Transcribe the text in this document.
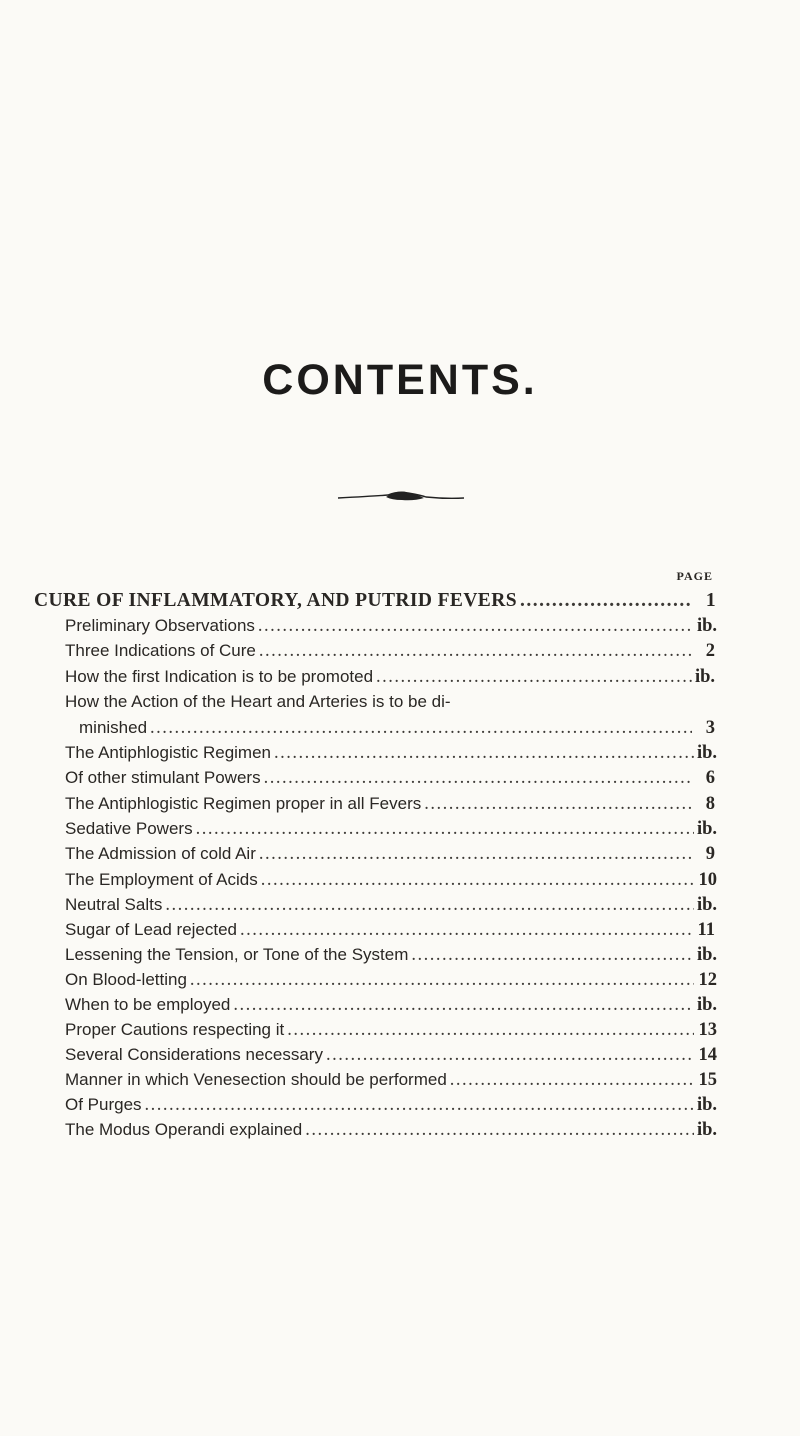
CONTENTS.
PAGE
CURE OF INFLAMMATORY, AND PUTRID FEVERS .....	1
Preliminary Observations .....	ib.
Three Indications of Cure .....	2
How the first Indication is to be promoted .....	ib.
How the Action of the Heart and Arteries is to be di-
minished .....	3
The Antiphlogistic Regimen .....	ib.
Of other stimulant Powers .....	6
The Antiphlogistic Regimen proper in all Fevers .....	8
Sedative Powers .....	ib.
The Admission of cold Air .....	9
The Employment of Acids .....	10
Neutral Salts .....	ib.
Sugar of Lead rejected .....	11
Lessening the Tension, or Tone of the System .....	ib.
On Blood-letting .....	12
When to be employed .....	ib.
Proper Cautions respecting it .....	13
Several Considerations necessary .....	14
Manner in which Venesection should be performed .....	15
Of Purges .....	ib.
The Modus Operandi explained .....	ib.
